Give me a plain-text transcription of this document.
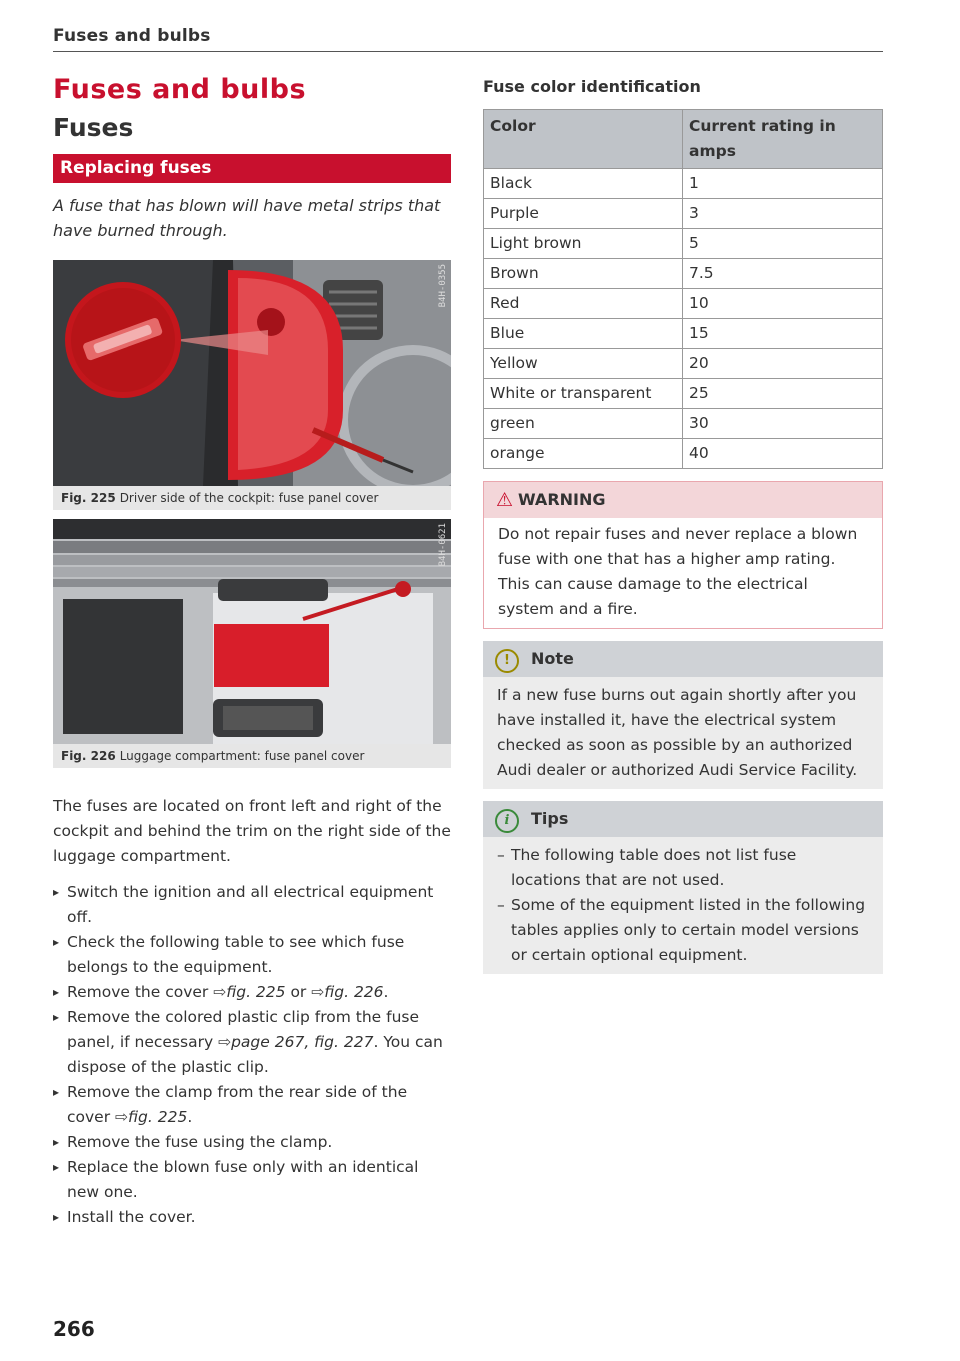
Fuses and bulbs
Fuses and bulbs
Fuses
Replacing fuses
A fuse that has blown will have metal strips that have burned through.
B4H-0355
Fig. 225 Driver side of the cockpit: fuse panel cover
B4H-0621
Fig. 226 Luggage compartment: fuse panel cover
The fuses are located on front left and right of the cockpit and behind the trim on the right side of the luggage compartment.
▸ Switch the ignition and all electrical equipment off.
▸ Check the following table to see which fuse belongs to the equipment.
▸ Remove the cover ⇨fig. 225 or ⇨fig. 226.
▸ Remove the colored plastic clip from the fuse panel, if necessary ⇨page 267, fig. 227. You can dispose of the plastic clip.
▸ Remove the clamp from the rear side of the cover ⇨fig. 225.
▸ Remove the fuse using the clamp.
▸ Replace the blown fuse only with an identical new one.
▸ Install the cover.
266
Fuse color identification
Color	Current rating in amps
Black	1
Purple	3
Light brown	5
Brown	7.5
Red	10
Blue	15
Yellow	20
White or transparent	25
green	30
orange	40
⚠ WARNING
Do not repair fuses and never replace a blown fuse with one that has a higher amp rating. This can cause damage to the electrical system and a fire.
! Note
If a new fuse burns out again shortly after you have installed it, have the electrical system checked as soon as possible by an authorized Audi dealer or authorized Audi Service Facility.
i Tips
– The following table does not list fuse locations that are not used.
– Some of the equipment listed in the following tables applies only to certain model versions or certain optional equipment.
